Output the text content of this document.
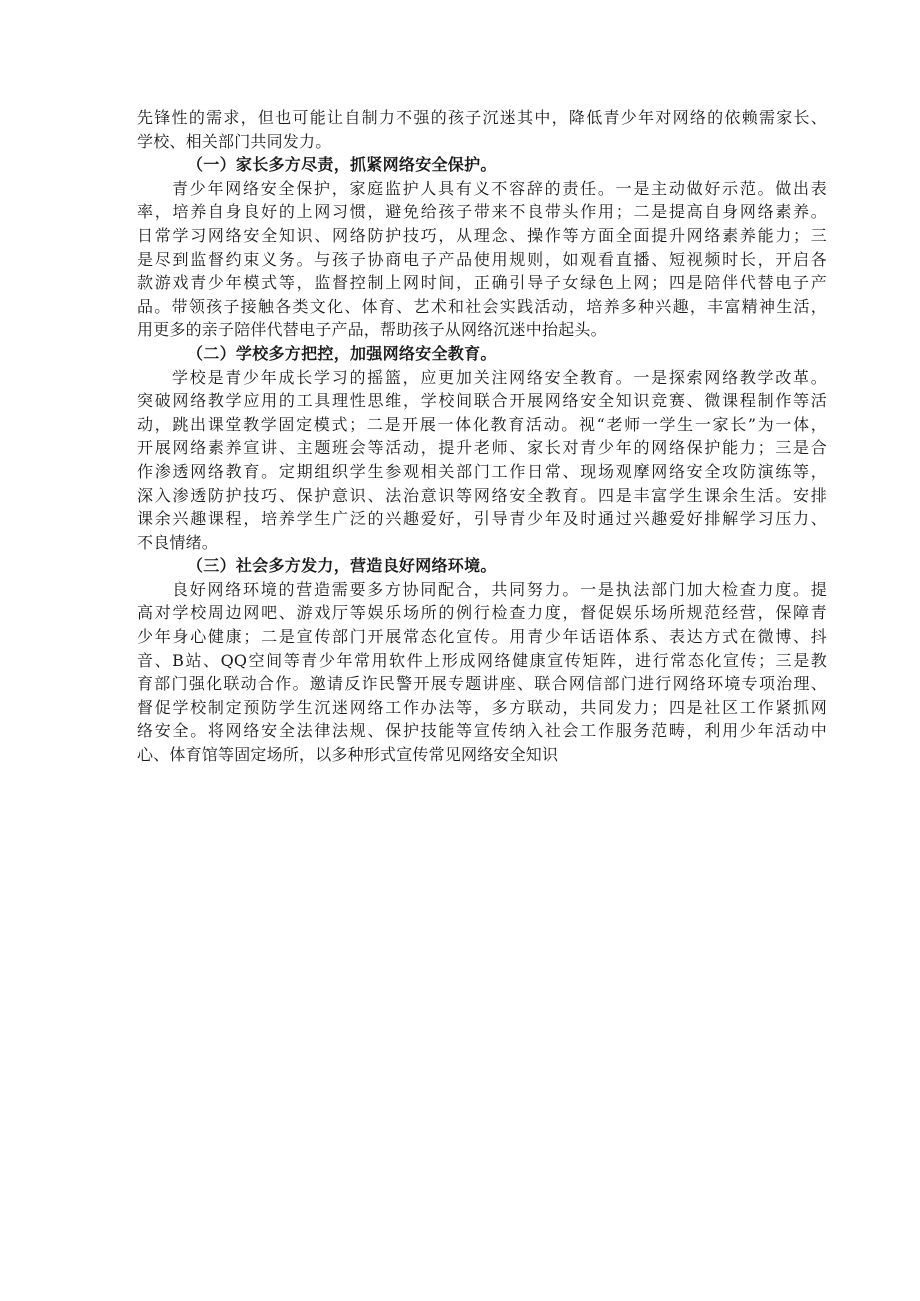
先锋性的需求，但也可能让自制力不强的孩子沉迷其中，降低青少年对网络的依赖需家长、
学校、相关部门共同发力。
（一）家长多方尽责，抓紧网络安全保护。
青少年网络安全保护，家庭监护人具有义不容辞的责任。一是主动做好示范。做出表
率，培养自身良好的上网习惯，避免给孩子带来不良带头作用；二是提高自身网络素养。
日常学习网络安全知识、网络防护技巧，从理念、操作等方面全面提升网络素养能力；三
是尽到监督约束义务。与孩子协商电子产品使用规则，如观看直播、短视频时长，开启各
款游戏青少年模式等，监督控制上网时间，正确引导子女绿色上网；四是陪伴代替电子产
品。带领孩子接触各类文化、体育、艺术和社会实践活动，培养多种兴趣，丰富精神生活，
用更多的亲子陪伴代替电子产品，帮助孩子从网络沉迷中抬起头。
（二）学校多方把控，加强网络安全教育。
学校是青少年成长学习的摇篮，应更加关注网络安全教育。一是探索网络教学改革。
突破网络教学应用的工具理性思维，学校间联合开展网络安全知识竞赛、微课程制作等活
动，跳出课堂教学固定模式；二是开展一体化教育活动。视“老师一学生一家长”为一体，
开展网络素养宣讲、主题班会等活动，提升老师、家长对青少年的网络保护能力；三是合
作渗透网络教育。定期组织学生参观相关部门工作日常、现场观摩网络安全攻防演练等，
深入渗透防护技巧、保护意识、法治意识等网络安全教育。四是丰富学生课余生活。安排
课余兴趣课程，培养学生广泛的兴趣爱好，引导青少年及时通过兴趣爱好排解学习压力、
不良情绪。
（三）社会多方发力，营造良好网络环境。
良好网络环境的营造需要多方协同配合，共同努力。一是执法部门加大检查力度。提
高对学校周边网吧、游戏厅等娱乐场所的例行检查力度，督促娱乐场所规范经营，保障青
少年身心健康；二是宣传部门开展常态化宣传。用青少年话语体系、表达方式在微博、抖
音、B站、QQ空间等青少年常用软件上形成网络健康宣传矩阵，进行常态化宣传；三是教
育部门强化联动合作。邀请反诈民警开展专题讲座、联合网信部门进行网络环境专项治理、
督促学校制定预防学生沉迷网络工作办法等，多方联动，共同发力；四是社区工作紧抓网
络安全。将网络安全法律法规、保护技能等宣传纳入社会工作服务范畴，利用少年活动中
心、体育馆等固定场所，以多种形式宣传常见网络安全知识
